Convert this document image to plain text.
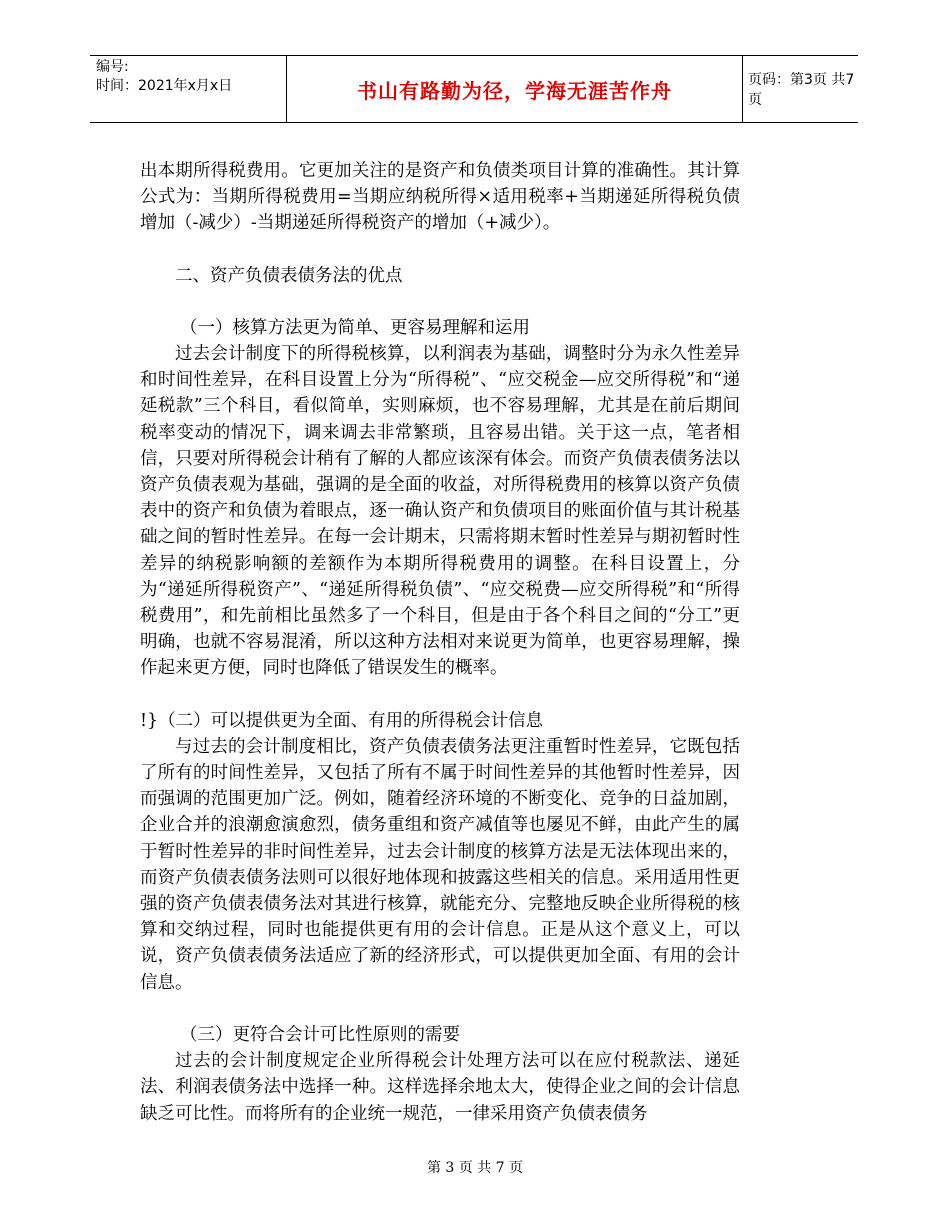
编号:
时间：2021年x月x日	书山有路勤为径，学海无涯苦作舟	页码：第3页 共7页

出本期所得税费用。它更加关注的是资产和负债类项目计算的准确性。其计算公式为：当期所得税费用=当期应纳税所得×适用税率+当期递延所得税负债增加（-减少）-当期递延所得税资产的增加（+减少）。

二、资产负债表债务法的优点

（一）核算方法更为简单、更容易理解和运用

过去会计制度下的所得税核算，以利润表为基础，调整时分为永久性差异和时间性差异，在科目设置上分为“所得税”、“应交税金—应交所得税”和“递延税款”三个科目，看似简单，实则麻烦，也不容易理解，尤其是在前后期间税率变动的情况下，调来调去非常繁琐，且容易出错。关于这一点，笔者相信，只要对所得税会计稍有了解的人都应该深有体会。而资产负债表债务法以资产负债表观为基础，强调的是全面的收益，对所得税费用的核算以资产负债表中的资产和负债为着眼点，逐一确认资产和负债项目的账面价值与其计税基础之间的暂时性差异。在每一会计期末，只需将期末暂时性差异与期初暂时性差异的纳税影响额的差额作为本期所得税费用的调整。在科目设置上，分为“递延所得税资产”、“递延所得税负债”、“应交税费—应交所得税”和“所得税费用”，和先前相比虽然多了一个科目，但是由于各个科目之间的“分工”更明确，也就不容易混淆，所以这种方法相对来说更为简单，也更容易理解，操作起来更方便，同时也降低了错误发生的概率。

!}（二）可以提供更为全面、有用的所得税会计信息

与过去的会计制度相比，资产负债表债务法更注重暂时性差异，它既包括了所有的时间性差异，又包括了所有不属于时间性差异的其他暂时性差异，因而强调的范围更加广泛。例如，随着经济环境的不断变化、竞争的日益加剧，企业合并的浪潮愈演愈烈，债务重组和资产减值等也屡见不鲜，由此产生的属于暂时性差异的非时间性差异，过去会计制度的核算方法是无法体现出来的，而资产负债表债务法则可以很好地体现和披露这些相关的信息。采用适用性更强的资产负债表债务法对其进行核算，就能充分、完整地反映企业所得税的核算和交纳过程，同时也能提供更有用的会计信息。正是从这个意义上，可以说，资产负债表债务法适应了新的经济形式，可以提供更加全面、有用的会计信息。

（三）更符合会计可比性原则的需要

过去的会计制度规定企业所得税会计处理方法可以在应付税款法、递延法、利润表债务法中选择一种。这样选择余地太大，使得企业之间的会计信息缺乏可比性。而将所有的企业统一规范，一律采用资产负债表债务

第 3 页 共 7 页
